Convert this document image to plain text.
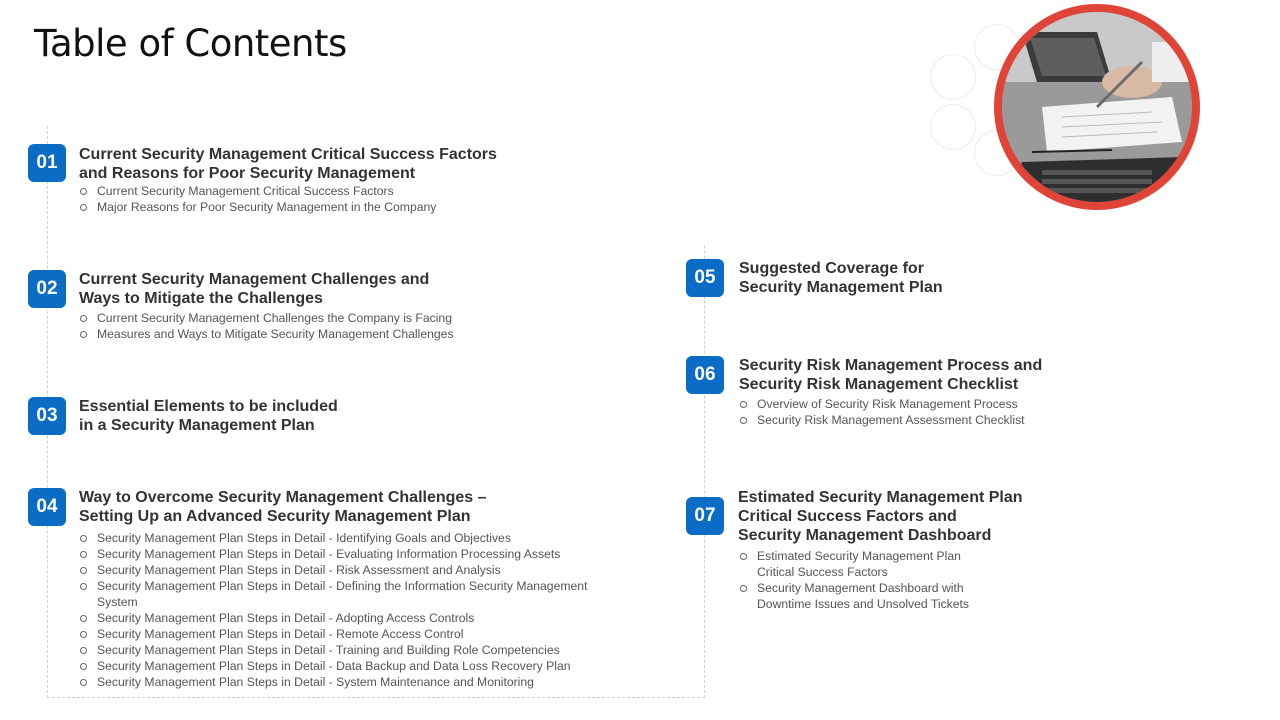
Table of Contents
01	Current Security Management Critical Success Factors
and Reasons for Poor Security Management
Current Security Management Critical Success Factors
Major Reasons for Poor Security Management in the Company
02	Current Security Management Challenges and
Ways to Mitigate the Challenges
Current Security Management Challenges the Company is Facing
Measures and Ways to Mitigate Security Management Challenges
03	Essential Elements to be included
in a Security Management Plan
04	Way to Overcome Security Management Challenges –
Setting Up an Advanced Security Management Plan
Security Management Plan Steps in Detail - Identifying Goals and Objectives
Security Management Plan Steps in Detail - Evaluating Information Processing Assets
Security Management Plan Steps in Detail - Risk Assessment and Analysis
Security Management Plan Steps in Detail - Defining the Information Security Management
System
Security Management Plan Steps in Detail - Adopting Access Controls
Security Management Plan Steps in Detail - Remote Access Control
Security Management Plan Steps in Detail - Training and Building Role Competencies
Security Management Plan Steps in Detail - Data Backup and Data Loss Recovery Plan
Security Management Plan Steps in Detail - System Maintenance and Monitoring
05	Suggested Coverage for
Security Management Plan
06	Security Risk Management Process and
Security Risk Management Checklist
Overview of Security Risk Management Process
Security Risk Management Assessment Checklist
07
Estimated Security Management Plan
Critical Success Factors and
Security Management Dashboard
Estimated Security Management Plan
Critical Success Factors
Security Management Dashboard with
Downtime Issues and Unsolved Tickets
